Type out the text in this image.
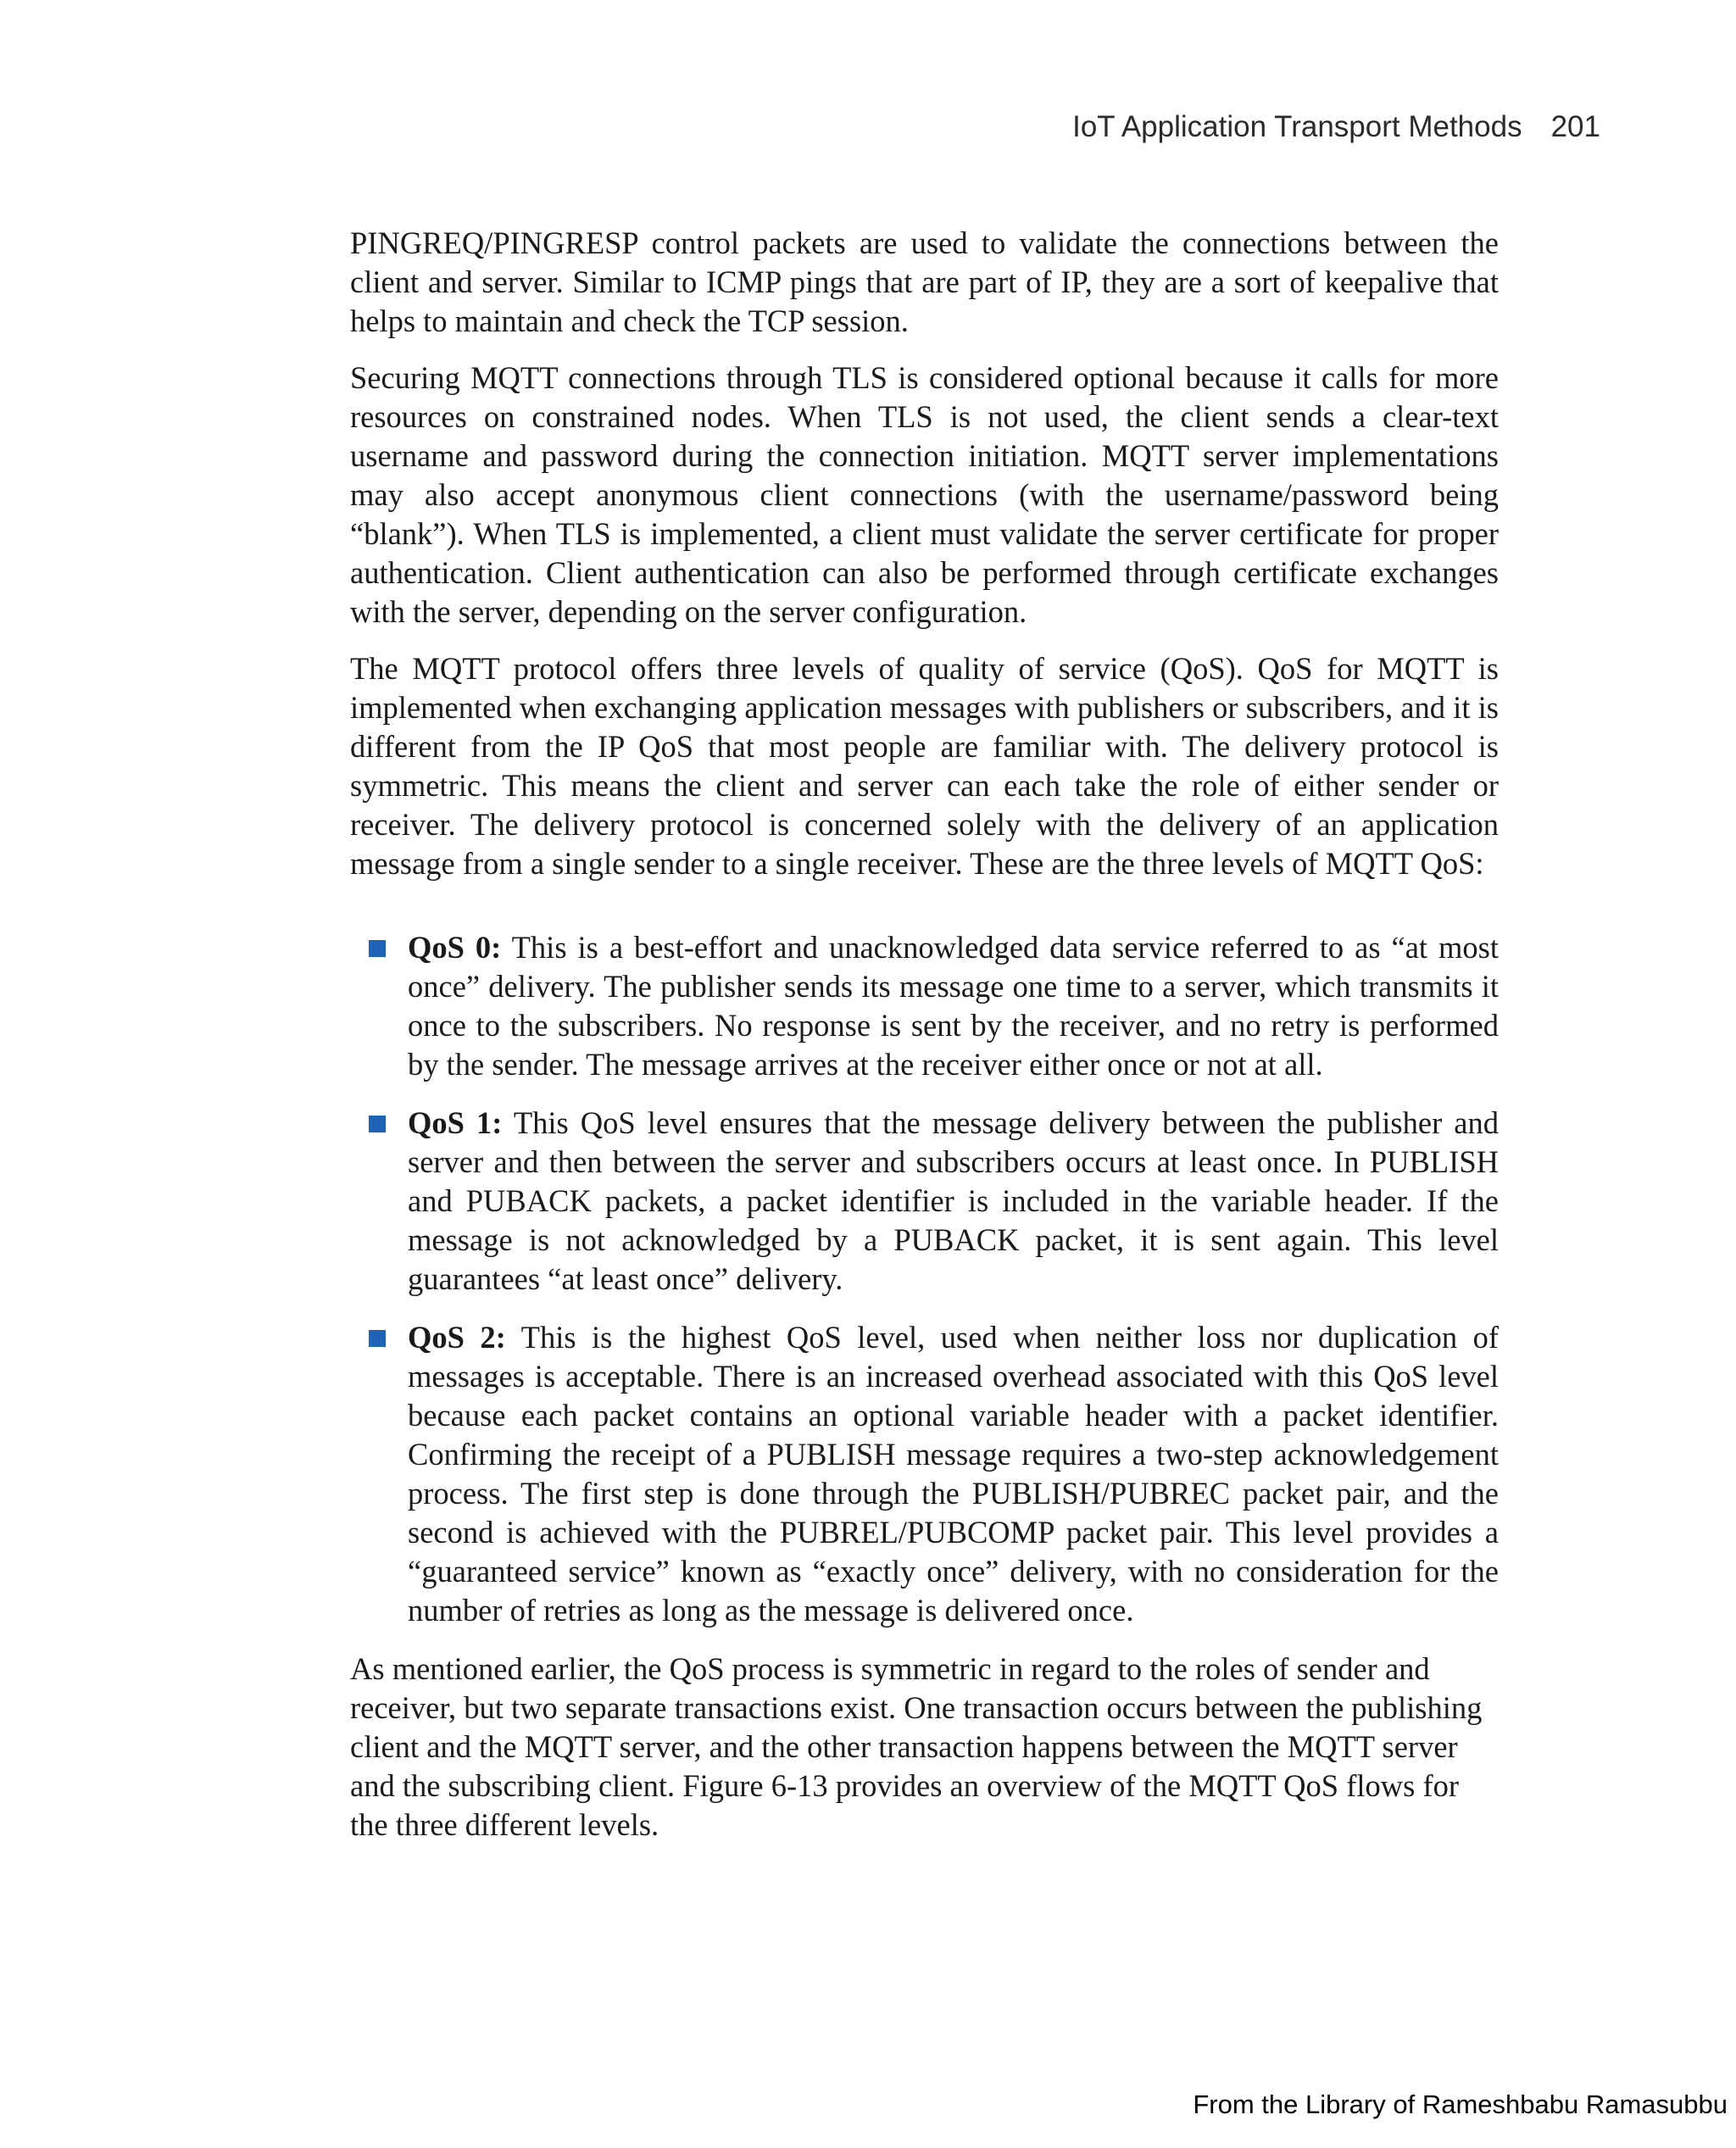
IoT Application Transport Methods 201

PINGREQ/PINGRESP control packets are used to validate the connections between the client and server. Similar to ICMP pings that are part of IP, they are a sort of keepalive that helps to maintain and check the TCP session.

Securing MQTT connections through TLS is considered optional because it calls for more resources on constrained nodes. When TLS is not used, the client sends a clear-text username and password during the connection initiation. MQTT server implementations may also accept anonymous client connections (with the username/password being “blank”). When TLS is implemented, a client must validate the server certificate for proper authentication. Client authentication can also be performed through certificate exchanges with the server, depending on the server configuration.

The MQTT protocol offers three levels of quality of service (QoS). QoS for MQTT is implemented when exchanging application messages with publishers or subscribers, and it is different from the IP QoS that most people are familiar with. The delivery protocol is symmetric. This means the client and server can each take the role of either sender or receiver. The delivery protocol is concerned solely with the delivery of an application message from a single sender to a single receiver. These are the three levels of MQTT QoS:

QoS 0: This is a best-effort and unacknowledged data service referred to as “at most once” delivery. The publisher sends its message one time to a server, which transmits it once to the subscribers. No response is sent by the receiver, and no retry is performed by the sender. The message arrives at the receiver either once or not at all.
QoS 1: This QoS level ensures that the message delivery between the publisher and server and then between the server and subscribers occurs at least once. In PUBLISH and PUBACK packets, a packet identifier is included in the variable header. If the message is not acknowledged by a PUBACK packet, it is sent again. This level guarantees “at least once” delivery.
QoS 2: This is the highest QoS level, used when neither loss nor duplication of messages is acceptable. There is an increased overhead associated with this QoS level because each packet contains an optional variable header with a packet identifier. Confirming the receipt of a PUBLISH message requires a two-step acknowledgement process. The first step is done through the PUBLISH/PUBREC packet pair, and the second is achieved with the PUBREL/PUBCOMP packet pair. This level provides a “guaranteed service” known as “exactly once” delivery, with no consideration for the number of retries as long as the message is delivered once.

As mentioned earlier, the QoS process is symmetric in regard to the roles of sender and receiver, but two separate transactions exist. One transaction occurs between the publishing client and the MQTT server, and the other transaction happens between the MQTT server and the subscribing client. Figure 6-13 provides an overview of the MQTT QoS flows for the three different levels.

From the Library of Rameshbabu Ramasubbu
